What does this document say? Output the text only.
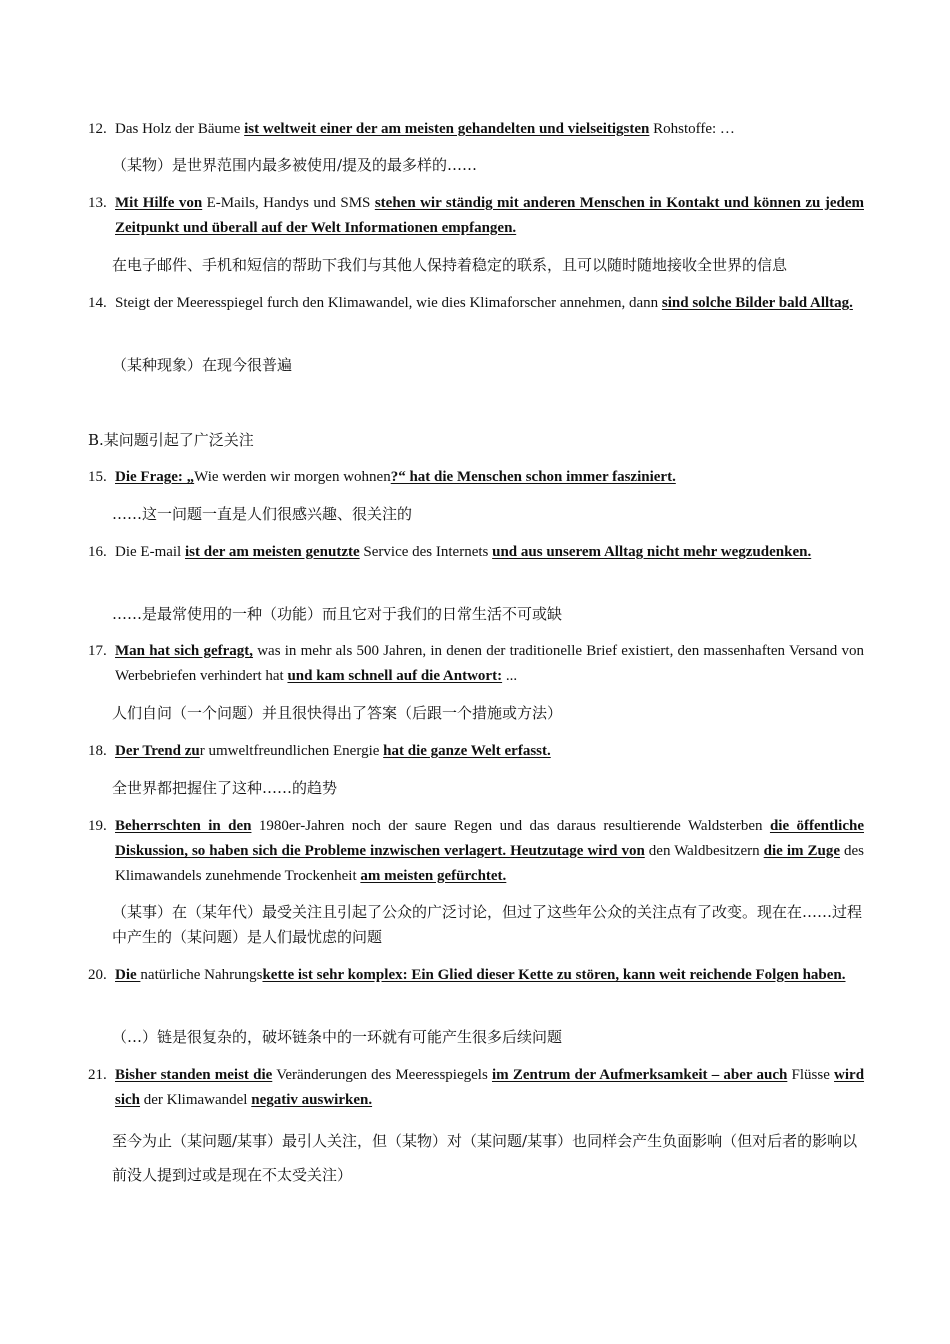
12. Das Holz der Bäume ist weltweit einer der am meisten gehandelten und vielseitigsten Rohstoffe: …
（某物）是世界范围内最多被使用/提及的最多样的……
13. Mit Hilfe von E-Mails, Handys und SMS stehen wir ständig mit anderen Menschen in Kontakt und können zu jedem Zeitpunkt und überall auf der Welt Informationen empfangen.
在电子邮件、手机和短信的帮助下我们与其他人保持着稳定的联系，且可以随时随地接收全世界的信息
14. Steigt der Meeresspiegel furch den Klimawandel, wie dies Klimaforscher annehmen, dann sind solche Bilder bald Alltag.
（某种现象）在现今很普遍
B.某问题引起了广泛关注
15. Die Frage: „Wie werden wir morgen wohnen?“ hat die Menschen schon immer fasziniert.
……这一问题一直是人们很感兴趣、很关注的
16. Die E-mail ist der am meisten genutzte Service des Internets und aus unserem Alltag nicht mehr wegzudenken.
……是最常使用的一种（功能）而且它对于我们的日常生活不可或缺
17. Man hat sich gefragt, was in mehr als 500 Jahren, in denen der traditionelle Brief existiert, den massenhaften Versand von Werbebriefen verhindert hat und kam schnell auf die Antwort: ...
人们自问（一个问题）并且很快得出了答案（后跟一个措施或方法）
18. Der Trend zur umweltfreundlichen Energie hat die ganze Welt erfasst.
全世界都把握住了这种……的趋势
19. Beherrschten in den 1980er-Jahren noch der saure Regen und das daraus resultierende Waldsterben die öffentliche Diskussion, so haben sich die Probleme inzwischen verlagert. Heutzutage wird von den Waldbesitzern die im Zuge des Klimawandels zunehmende Trockenheit am meisten gefürchtet.
（某事）在（某年代）最受关注且引起了公众的广泛讨论，但过了这些年公众的关注点有了改变。现在在……过程中产生的（某问题）是人们最忧虑的问题
20. Die natürliche Nahrungskette ist sehr komplex: Ein Glied dieser Kette zu stören, kann weit reichende Folgen haben.
（…）链是很复杂的，破坏链条中的一环就有可能产生很多后续问题
21. Bisher standen meist die Veränderungen des Meeresspiegels im Zentrum der Aufmerksamkeit – aber auch Flüsse wird sich der Klimawandel negativ auswirken.
至今为止（某问题/某事）最引人关注，但（某物）对（某问题/某事）也同样会产生负面影响（但对后者的影响以前没人提到过或是现在不太受关注）
